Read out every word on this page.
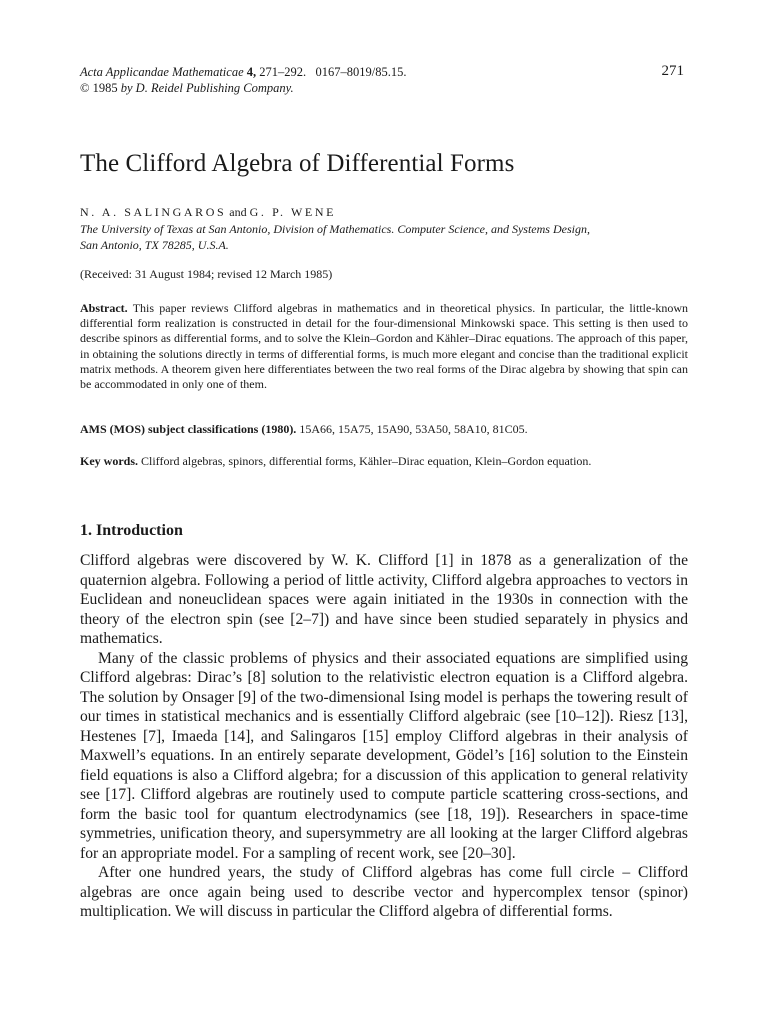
Acta Applicandae Mathematicae 4, 271–292.   0167–8019/85.15.
© 1985 by D. Reidel Publishing Company.
271
The Clifford Algebra of Differential Forms
N. A. SALINGAROS and G. P. WENE
The University of Texas at San Antonio, Division of Mathematics. Computer Science, and Systems Design,
San Antonio, TX 78285, U.S.A.
(Received: 31 August 1984; revised 12 March 1985)
Abstract. This paper reviews Clifford algebras in mathematics and in theoretical physics. In particular, the little-known differential form realization is constructed in detail for the four-dimensional Minkowski space. This setting is then used to describe spinors as differential forms, and to solve the Klein–Gordon and Kähler–Dirac equations. The approach of this paper, in obtaining the solutions directly in terms of differential forms, is much more elegant and concise than the traditional explicit matrix methods. A theorem given here differentiates between the two real forms of the Dirac algebra by showing that spin can be accommodated in only one of them.
AMS (MOS) subject classifications (1980). 15A66, 15A75, 15A90, 53A50, 58A10, 81C05.
Key words. Clifford algebras, spinors, differential forms, Kähler–Dirac equation, Klein–Gordon equation.
1. Introduction

Clifford algebras were discovered by W. K. Clifford [1] in 1878 as a generalization of the quaternion algebra. Following a period of little activity, Clifford algebra approaches to vectors in Euclidean and noneuclidean spaces were again initiated in the 1930s in connection with the theory of the electron spin (see [2–7]) and have since been studied separately in physics and mathematics.

Many of the classic problems of physics and their associated equations are simplified using Clifford algebras: Dirac’s [8] solution to the relativistic electron equation is a Clifford algebra. The solution by Onsager [9] of the two-dimensional Ising model is perhaps the towering result of our times in statistical mechanics and is essentially Clifford algebraic (see [10–12]). Riesz [13], Hestenes [7], Imaeda [14], and Salingaros [15] employ Clifford algebras in their analysis of Maxwell’s equations. In an entirely separate development, Gödel’s [16] solution to the Einstein field equations is also a Clifford algebra; for a discussion of this application to general relativity see [17]. Clifford algebras are routinely used to compute particle scattering cross-sections, and form the basic tool for quantum electrodynamics (see [18, 19]). Researchers in space-time symmetries, unification theory, and supersymmetry are all looking at the larger Clifford algebras for an appropriate model. For a sampling of recent work, see [20–30].

After one hundred years, the study of Clifford algebras has come full circle – Clifford algebras are once again being used to describe vector and hypercomplex tensor (spinor) multiplication. We will discuss in particular the Clifford algebra of differential forms.
